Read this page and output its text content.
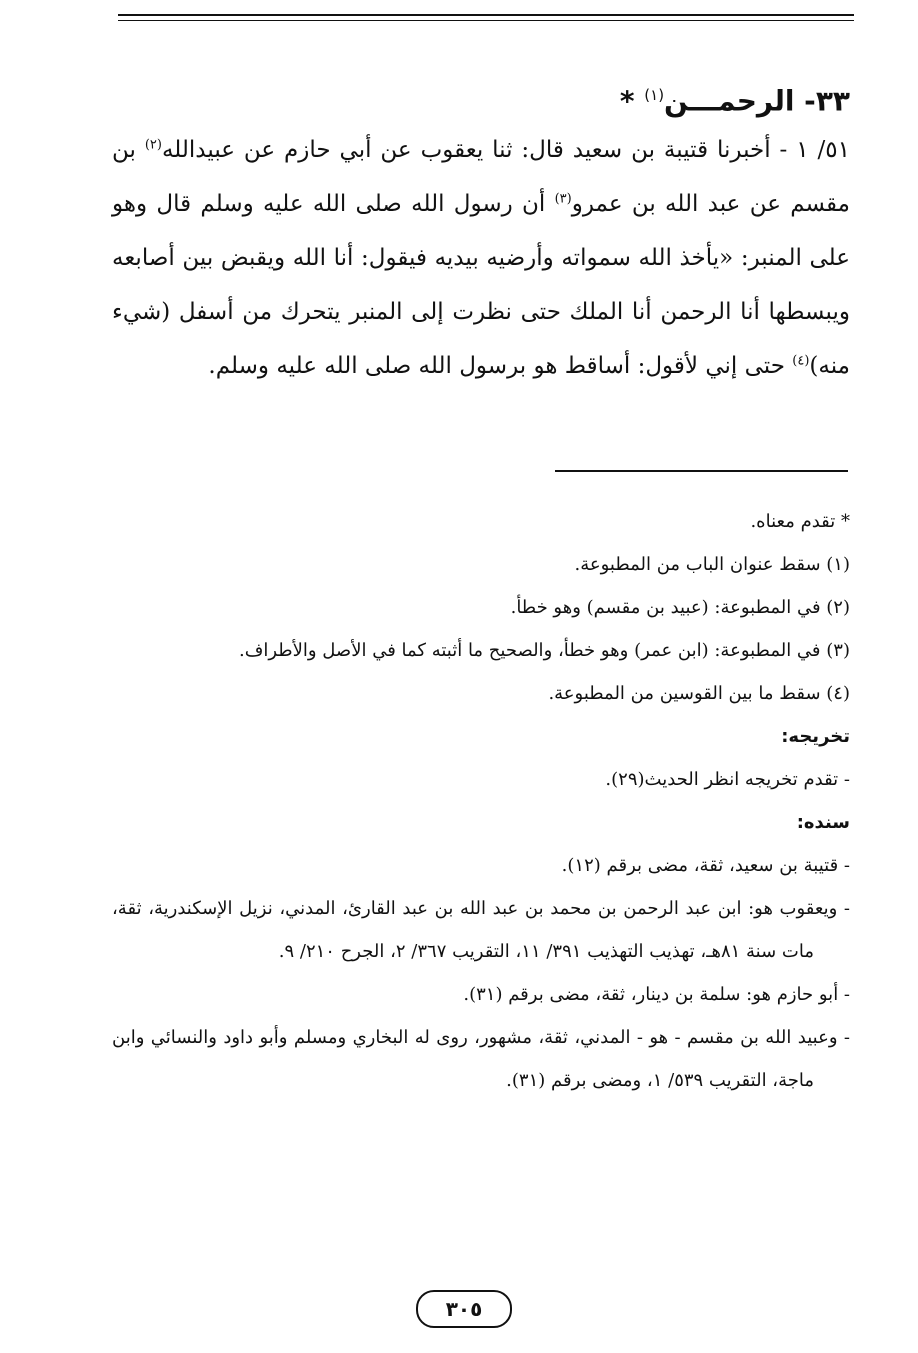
٣٣- الرحمـــن$^{(١)}$ *

٥١/ ١ - أخبرنا قتيبة بن سعيد قال: ثنا يعقوب عن أبي حازم عن عبيدالله$^{(٢)}$ بن مقسم عن عبد الله بن عمرو$^{(٣)}$ أن رسول الله صلى الله عليه وسلم قال وهو على المنبر: «يأخذ الله سمواته وأرضيه بيديه فيقول: أنا الله ويقبض بين أصابعه ويبسطها أنا الرحمن أنا الملك حتى نظرت إلى المنبر يتحرك من أسفل (شيء منه)$^{(٤)}$ حتى إني لأقول: أساقط هو برسول الله صلى الله عليه وسلم.

* تقدم معناه.

(١) سقط عنوان الباب من المطبوعة.

(٢) في المطبوعة: (عبيد بن مقسم) وهو خطأ.

(٣) في المطبوعة: (ابن عمر) وهو خطأ، والصحيح ما أثبته كما في الأصل والأطراف.

(٤) سقط ما بين القوسين من المطبوعة.

تخريجه:

- تقدم تخريجه انظر الحديث(٢٩).

سنده:

- قتيبة بن سعيد، ثقة، مضى برقم (١٢).

- ويعقوب هو: ابن عبد الرحمن بن محمد بن عبد الله بن عبد القارئ، المدني، نزيل الإسكندرية، ثقة، مات سنة ٨١هـ، تهذيب التهذيب ٣٩١/ ١١، التقريب ٣٦٧/ ٢، الجرح ٢١٠/ ٩.

- أبو حازم هو: سلمة بن دينار، ثقة، مضى برقم (٣١).

- وعبيد الله بن مقسم - هو - المدني، ثقة، مشهور، روى له البخاري ومسلم وأبو داود والنسائي وابن ماجة، التقريب ٥٣٩/ ١، ومضى برقم (٣١).

٣٠٥
